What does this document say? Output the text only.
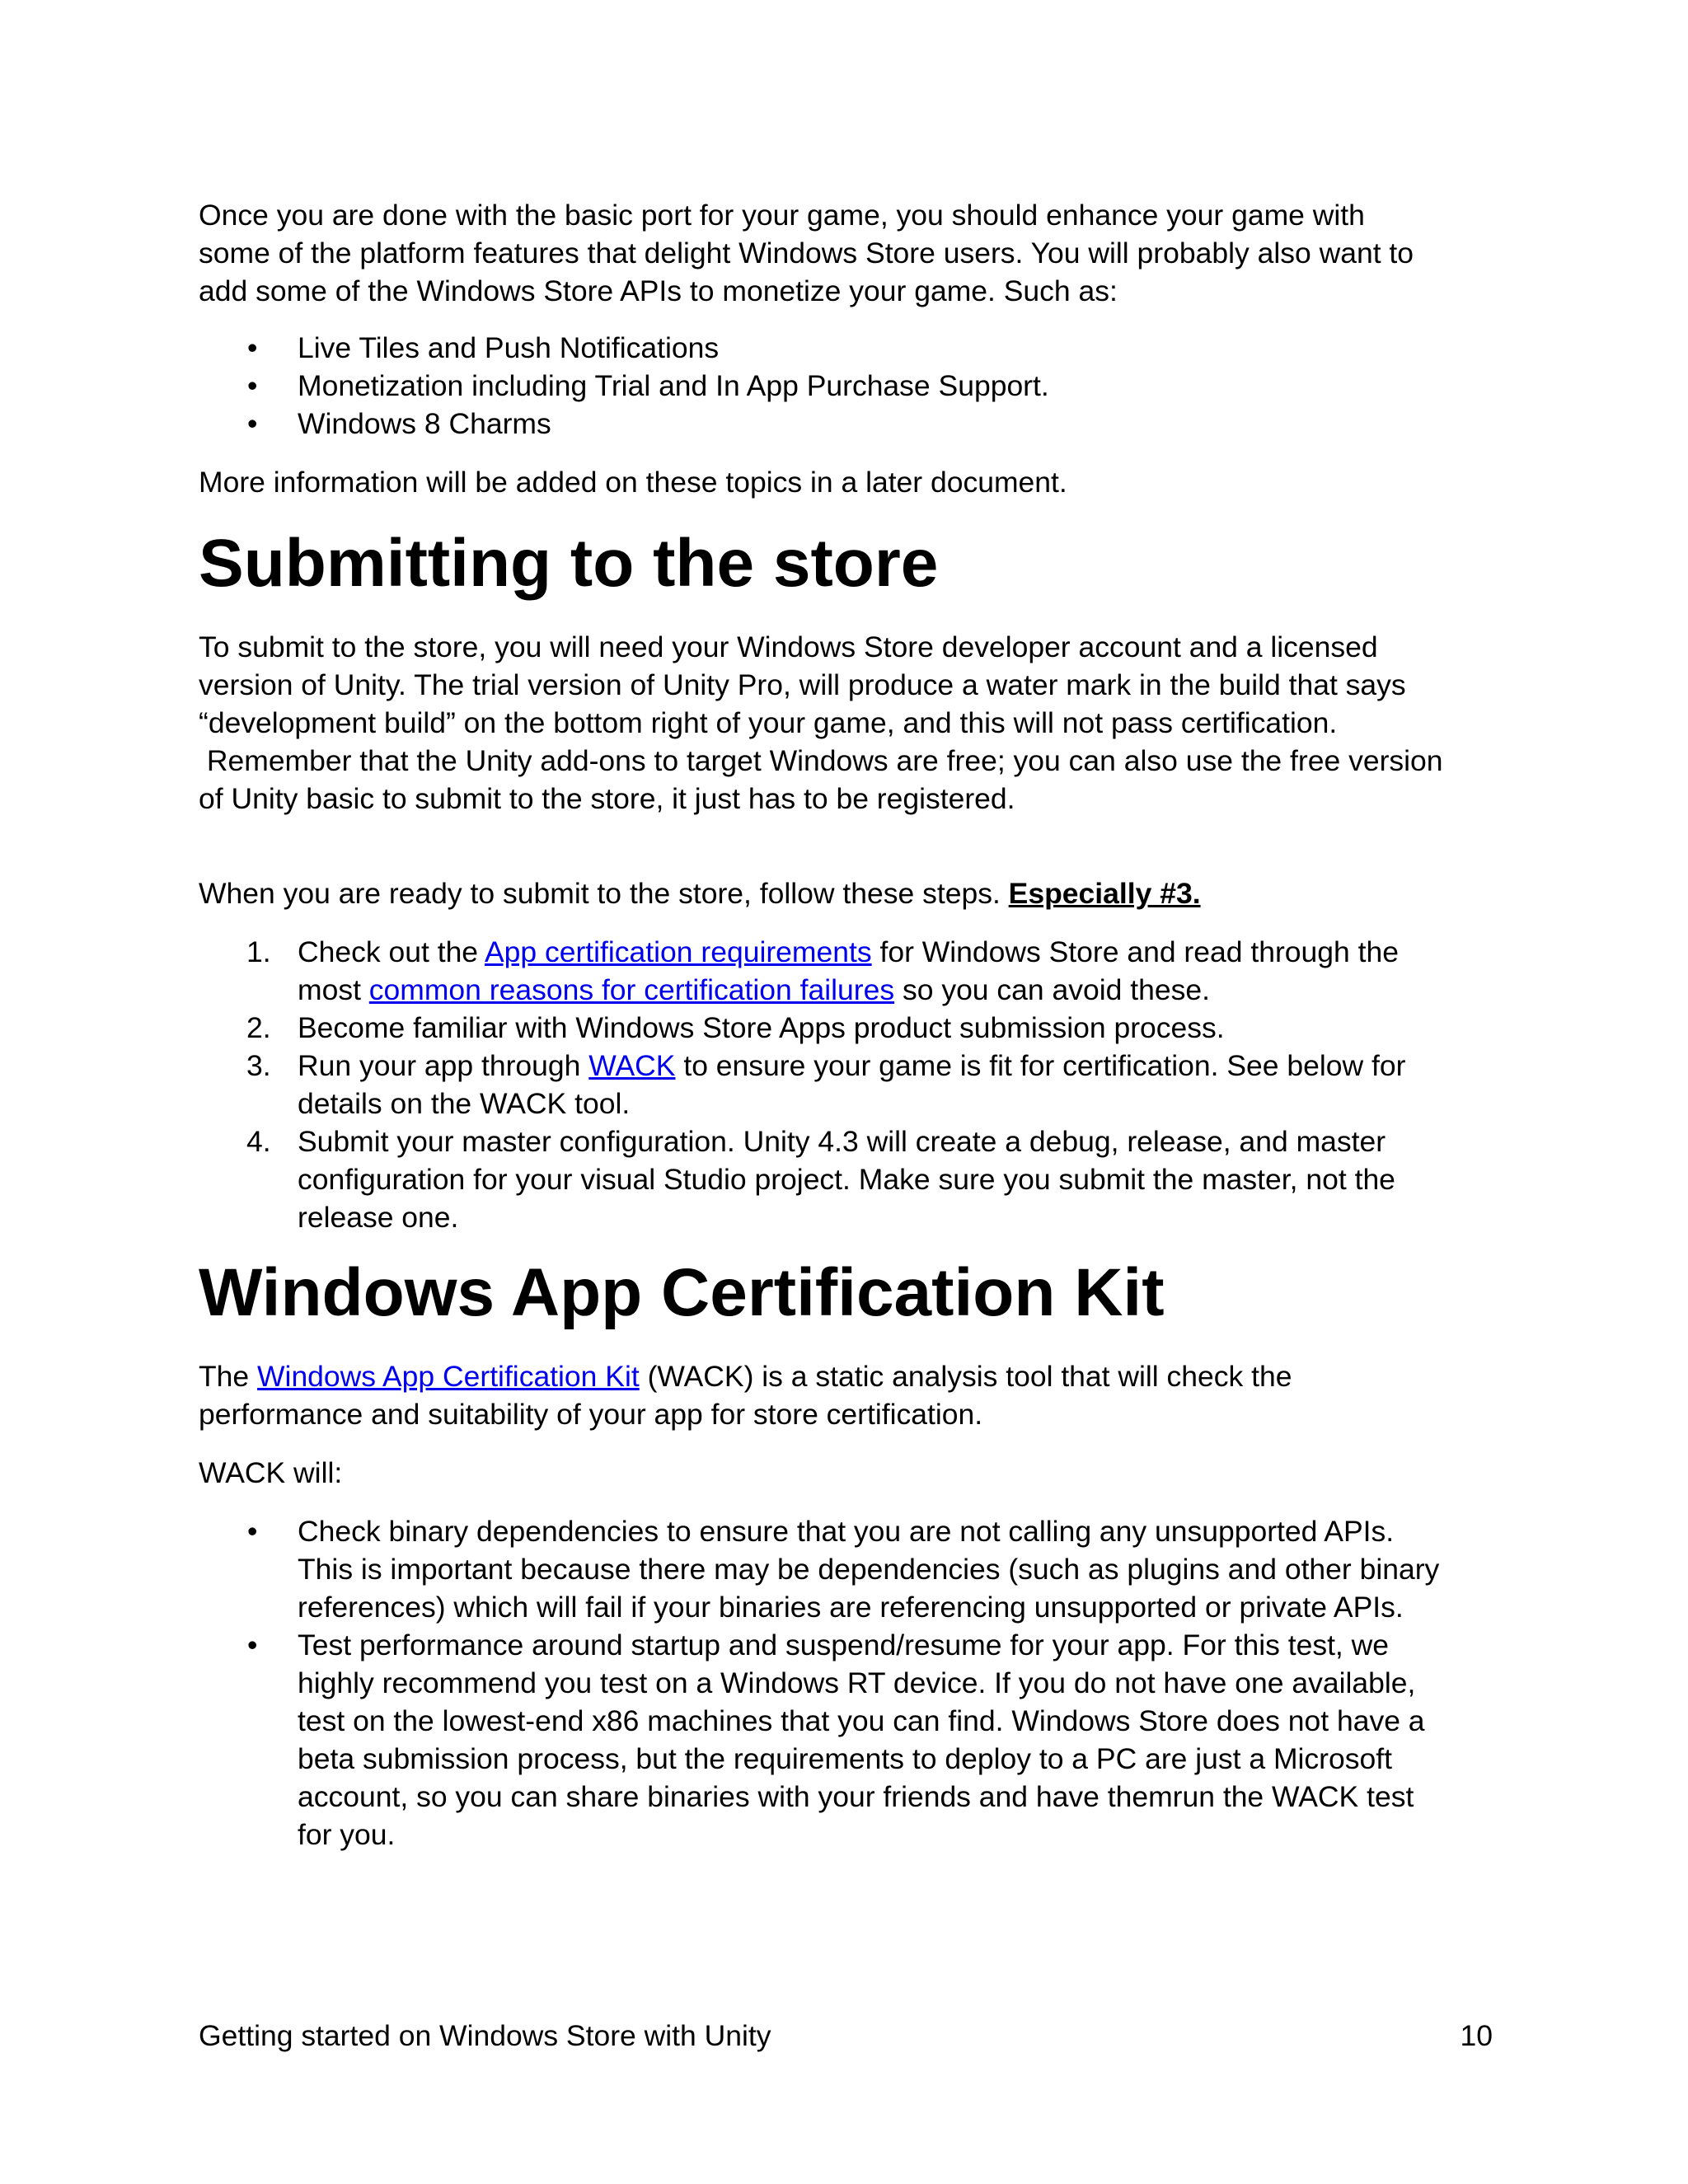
Once you are done with the basic port for your game, you should enhance your game with
some of the platform features that delight Windows Store users. You will probably also want to
add some of the Windows Store APIs to monetize your game. Such as:

•	Live Tiles and Push Notifications
•	Monetization including Trial and In App Purchase Support.
•	Windows 8 Charms

More information will be added on these topics in a later document.

Submitting to the store

To submit to the store, you will need your Windows Store developer account and a licensed
version of Unity. The trial version of Unity Pro, will produce a water mark in the build that says
“development build” on the bottom right of your game, and this will not pass certification.
Remember that the Unity add-ons to target Windows are free; you can also use the free version
of Unity basic to submit to the store, it just has to be registered.

When you are ready to submit to the store, follow these steps. Especially #3.

1. Check out the App certification requirements for Windows Store and read through the
most common reasons for certification failures so you can avoid these.
2. Become familiar with Windows Store Apps product submission process.
3. Run your app through WACK to ensure your game is fit for certification. See below for
details on the WACK tool.
4. Submit your master configuration. Unity 4.3 will create a debug, release, and master
configuration for your visual Studio project. Make sure you submit the master, not the
release one.
Windows App Certification Kit

The Windows App Certification Kit (WACK) is a static analysis tool that will check the
performance and suitability of your app for store certification.

WACK will:

•	Check binary dependencies to ensure that you are not calling any unsupported APIs.
This is important because there may be dependencies (such as plugins and other binary
references) which will fail if your binaries are referencing unsupported or private APIs.
•	Test performance around startup and suspend/resume for your app. For this test, we
highly recommend you test on a Windows RT device. If you do not have one available,
test on the lowest-end x86 machines that you can find. Windows Store does not have a
beta submission process, but the requirements to deploy to a PC are just a Microsoft
account, so you can share binaries with your friends and have themrun the WACK test
for you.
Getting started on Windows Store with Unity	10
